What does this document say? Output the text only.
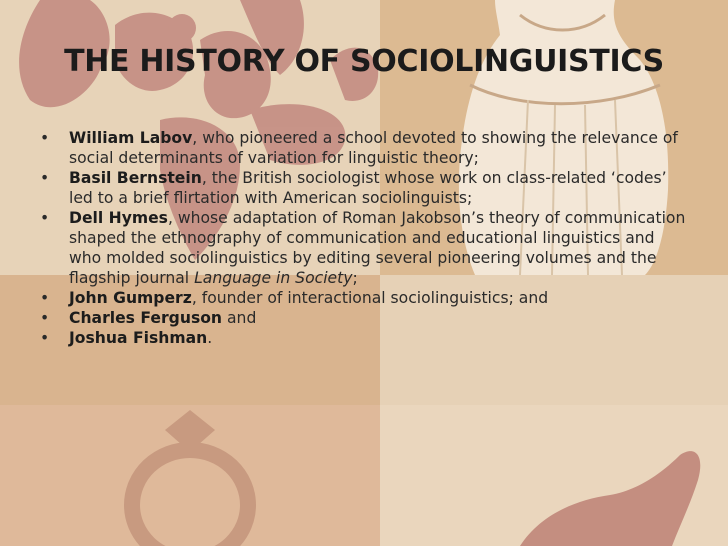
THE HISTORY OF SOCIOLINGUISTICS
• William Labov, who pioneered a school devoted to showing the relevance of social determinants of variation for linguistic theory;
• Basil Bernstein, the British sociologist whose work on class-related ‘codes’ led to a brief flirtation with American sociolinguists;
• Dell Hymes, whose adaptation of Roman Jakobson’s theory of communication shaped the ethnography of communication and educational linguistics and who molded sociolinguistics by editing several pioneering volumes and the flagship journal Language in Society;
• John Gumperz, founder of interactional sociolinguistics; and
• Charles Ferguson and
• Joshua Fishman.
